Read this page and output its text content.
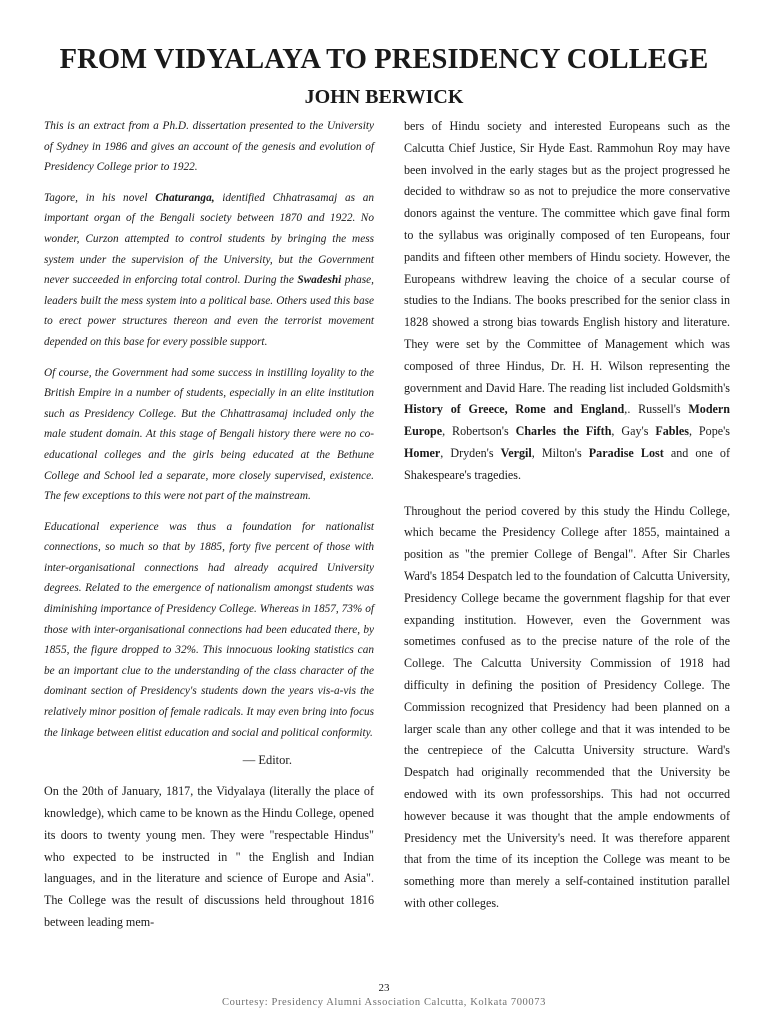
FROM VIDYALAYA TO PRESIDENCY COLLEGE
JOHN BERWICK

This is an extract from a Ph.D. dissertation presented to the University of Sydney in 1986 and gives an account of the genesis and evolution of Presidency College prior to 1922.

Tagore, in his novel Chaturanga, identified Chhatrasamaj as an important organ of the Bengali society between 1870 and 1922. No wonder, Curzon attempted to control students by bringing the mess system under the supervision of the University, but the Government never succeeded in enforcing total control. During the Swadeshi phase, leaders built the mess system into a political base. Others used this base to erect power structures thereon and even the terrorist movement depended on this base for every possible support.

Of course, the Government had some success in instilling loyality to the British Empire in a number of students, especially in an elite institution such as Presidency College. But the Chhattrasamaj included only the male student domain. At this stage of Bengali history there were no co-educational colleges and the girls being educated at the Bethune College and School led a separate, more closely supervised, existence. The few exceptions to this were not part of the mainstream.

Educational experience was thus a foundation for nationalist connections, so much so that by 1885, forty five percent of those with inter-organisational connections had already acquired University degrees. Related to the emergence of nationalism amongst students was diminishing importance of Presidency College. Whereas in 1857, 73% of those with inter-organisational connections had been educated there, by 1855, the figure dropped to 32%. This innocuous looking statistics can be an important clue to the understanding of the class character of the dominant section of Presidency's students down the years vis-a-vis the relatively minor position of female radicals. It may even bring into focus the linkage between elitist education and social and political conformity.

— Editor.

On the 20th of January, 1817, the Vidyalaya (literally the place of knowledge), which came to be known as the Hindu College, opened its doors to twenty young men. They were "respectable Hindus" who expected to be instructed in " the English and Indian languages, and in the literature and science of Europe and Asia". The College was the result of discussions held throughout 1816 between leading mem-

bers of Hindu society and interested Europeans such as the Calcutta Chief Justice, Sir Hyde East. Rammohun Roy may have been involved in the early stages but as the project progressed he decided to withdraw so as not to prejudice the more conservative donors against the venture. The committee which gave final form to the syllabus was originally composed of ten Europeans, four pandits and fifteen other members of Hindu society. However, the Europeans withdrew leaving the choice of a secular course of studies to the Indians. The books prescribed for the senior class in 1828 showed a strong bias towards English history and literature. They were set by the Committee of Management which was composed of three Hindus, Dr. H. H. Wilson representing the government and David Hare. The reading list included Goldsmith's History of Greece, Rome and England,. Russell's Modern Europe, Robertson's Charles the Fifth, Gay's Fables, Pope's Homer, Dryden's Vergil, Milton's Paradise Lost and one of Shakespeare's tragedies.

Throughout the period covered by this study the Hindu College, which became the Presidency College after 1855, maintained a position as "the premier College of Bengal". After Sir Charles Ward's 1854 Despatch led to the foundation of Calcutta University, Presidency College became the government flagship for that ever expanding institution. However, even the Government was sometimes confused as to the precise nature of the role of the College. The Calcutta University Commission of 1918 had difficulty in defining the position of Presidency College. The Commission recognized that Presidency had been planned on a larger scale than any other college and that it was intended to be the centrepiece of the Calcutta University structure. Ward's Despatch had originally recommended that the University be endowed with its own professorships. This had not occurred however because it was thought that the ample endowments of Presidency met the University's need. It was therefore apparent that from the time of its inception the College was meant to be something more than merely a self-contained institution parallel with other colleges.

23

Courtesy: Presidency Alumni Association Calcutta, Kolkata 700073
